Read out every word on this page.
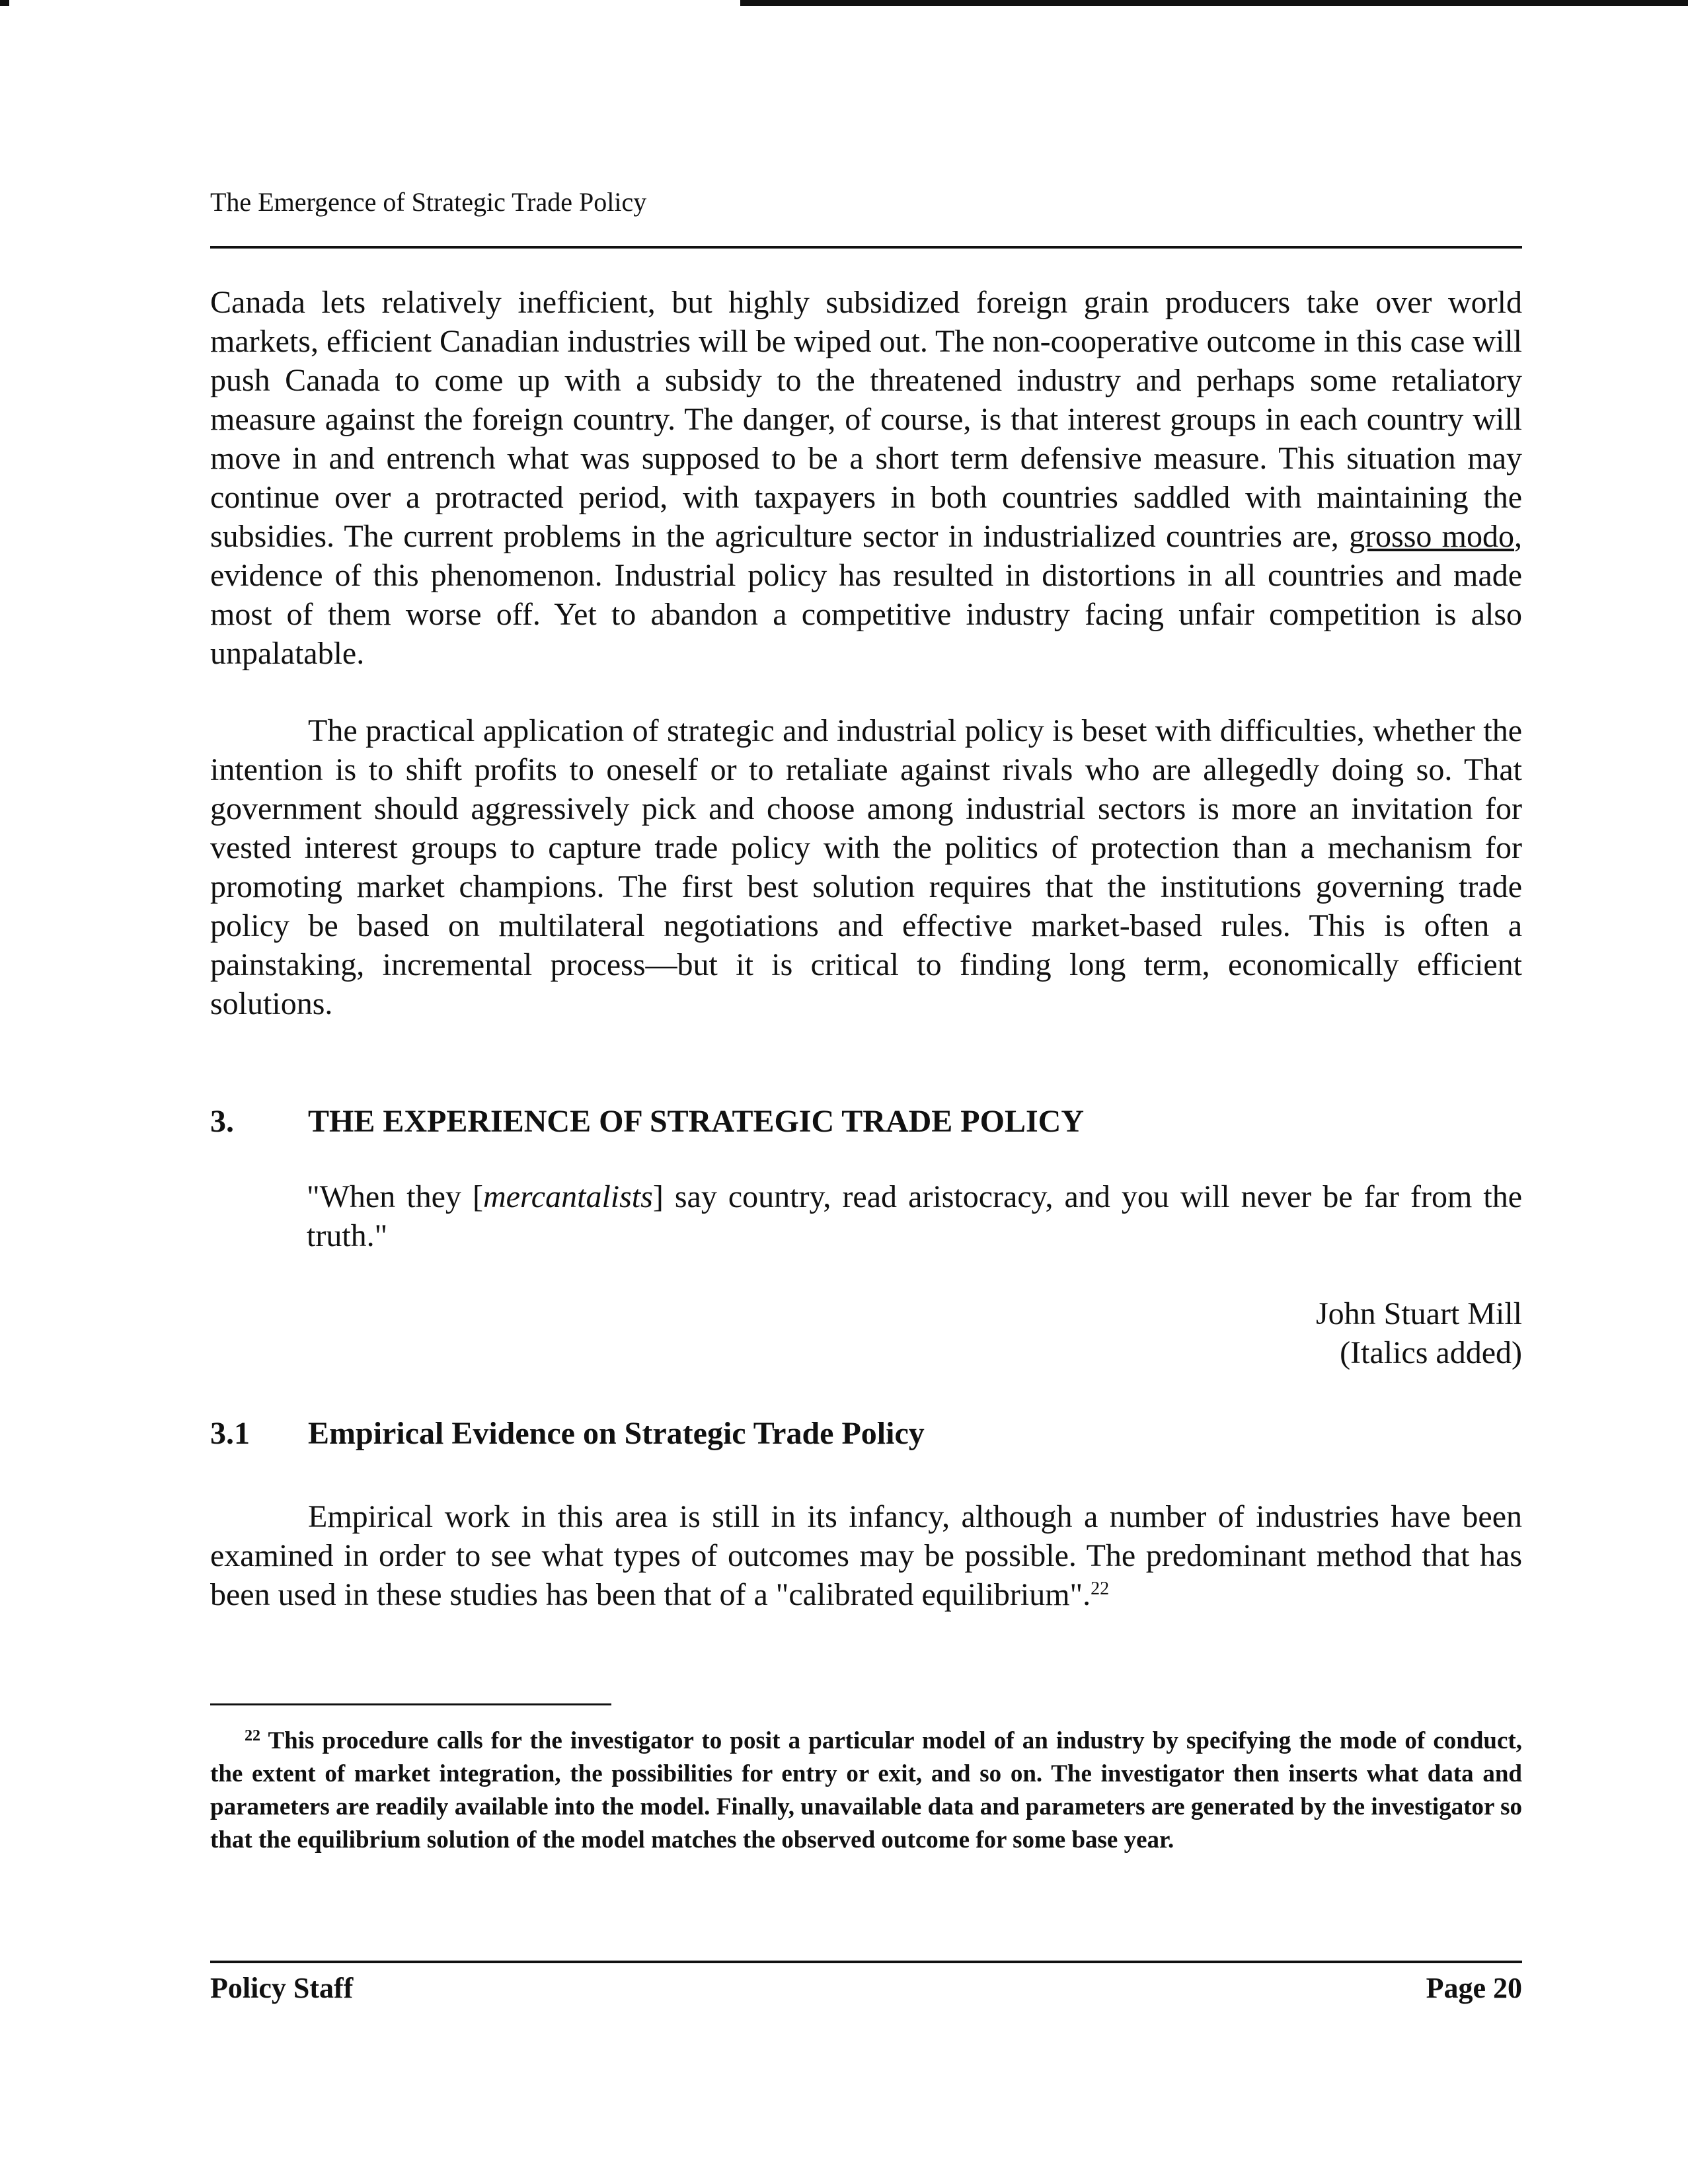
The Emergence of Strategic Trade Policy

Canada lets relatively inefficient, but highly subsidized foreign grain producers take over world markets, efficient Canadian industries will be wiped out. The non-cooperative outcome in this case will push Canada to come up with a subsidy to the threatened industry and perhaps some retaliatory measure against the foreign country. The danger, of course, is that interest groups in each country will move in and entrench what was supposed to be a short term defensive measure. This situation may continue over a protracted period, with taxpayers in both countries saddled with maintaining the subsidies. The current problems in the agriculture sector in industrialized countries are, grosso modo, evidence of this phenomenon. Industrial policy has resulted in distortions in all countries and made most of them worse off. Yet to abandon a competitive industry facing unfair competition is also unpalatable.

The practical application of strategic and industrial policy is beset with difficulties, whether the intention is to shift profits to oneself or to retaliate against rivals who are allegedly doing so. That government should aggressively pick and choose among industrial sectors is more an invitation for vested interest groups to capture trade policy with the politics of protection than a mechanism for promoting market champions. The first best solution requires that the institutions governing trade policy be based on multilateral negotiations and effective market-based rules. This is often a painstaking, incremental process—but it is critical to finding long term, economically efficient solutions.

3. THE EXPERIENCE OF STRATEGIC TRADE POLICY

"When they [mercantalists] say country, read aristocracy, and you will never be far from the truth."

John Stuart Mill
(Italics added)
3.1 Empirical Evidence on Strategic Trade Policy

Empirical work in this area is still in its infancy, although a number of industries have been examined in order to see what types of outcomes may be possible. The predominant method that has been used in these studies has been that of a "calibrated equilibrium".$^{22}$

$^{22}$ This procedure calls for the investigator to posit a particular model of an industry by specifying the mode of conduct, the extent of market integration, the possibilities for entry or exit, and so on. The investigator then inserts what data and parameters are readily available into the model. Finally, unavailable data and parameters are generated by the investigator so that the equilibrium solution of the model matches the observed outcome for some base year.

Policy Staff	Page 20
